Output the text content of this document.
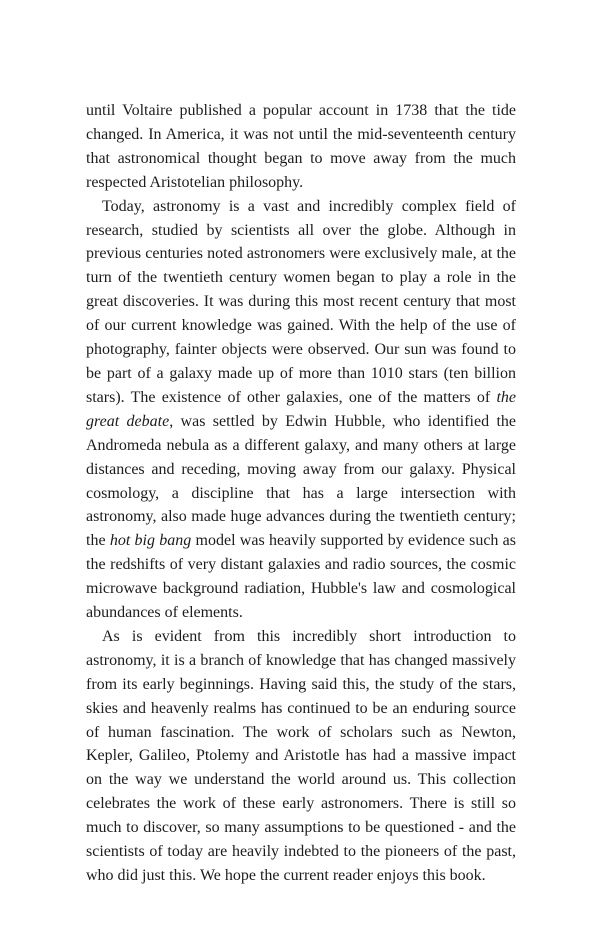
until Voltaire published a popular account in 1738 that the tide changed. In America, it was not until the mid-seventeenth century that astronomical thought began to move away from the much respected Aristotelian philosophy.

Today, astronomy is a vast and incredibly complex field of research, studied by scientists all over the globe. Although in previous centuries noted astronomers were exclusively male, at the turn of the twentieth century women began to play a role in the great discoveries. It was during this most recent century that most of our current knowledge was gained. With the help of the use of photography, fainter objects were observed. Our sun was found to be part of a galaxy made up of more than 1010 stars (ten billion stars). The existence of other galaxies, one of the matters of the great debate, was settled by Edwin Hubble, who identified the Andromeda nebula as a different galaxy, and many others at large distances and receding, moving away from our galaxy. Physical cosmology, a discipline that has a large intersection with astronomy, also made huge advances during the twentieth century; the hot big bang model was heavily supported by evidence such as the redshifts of very distant galaxies and radio sources, the cosmic microwave background radiation, Hubble's law and cosmological abundances of elements.

As is evident from this incredibly short introduction to astronomy, it is a branch of knowledge that has changed massively from its early beginnings. Having said this, the study of the stars, skies and heavenly realms has continued to be an enduring source of human fascination. The work of scholars such as Newton, Kepler, Galileo, Ptolemy and Aristotle has had a massive impact on the way we understand the world around us. This collection celebrates the work of these early astronomers. There is still so much to discover, so many assumptions to be questioned - and the scientists of today are heavily indebted to the pioneers of the past, who did just this. We hope the current reader enjoys this book.
